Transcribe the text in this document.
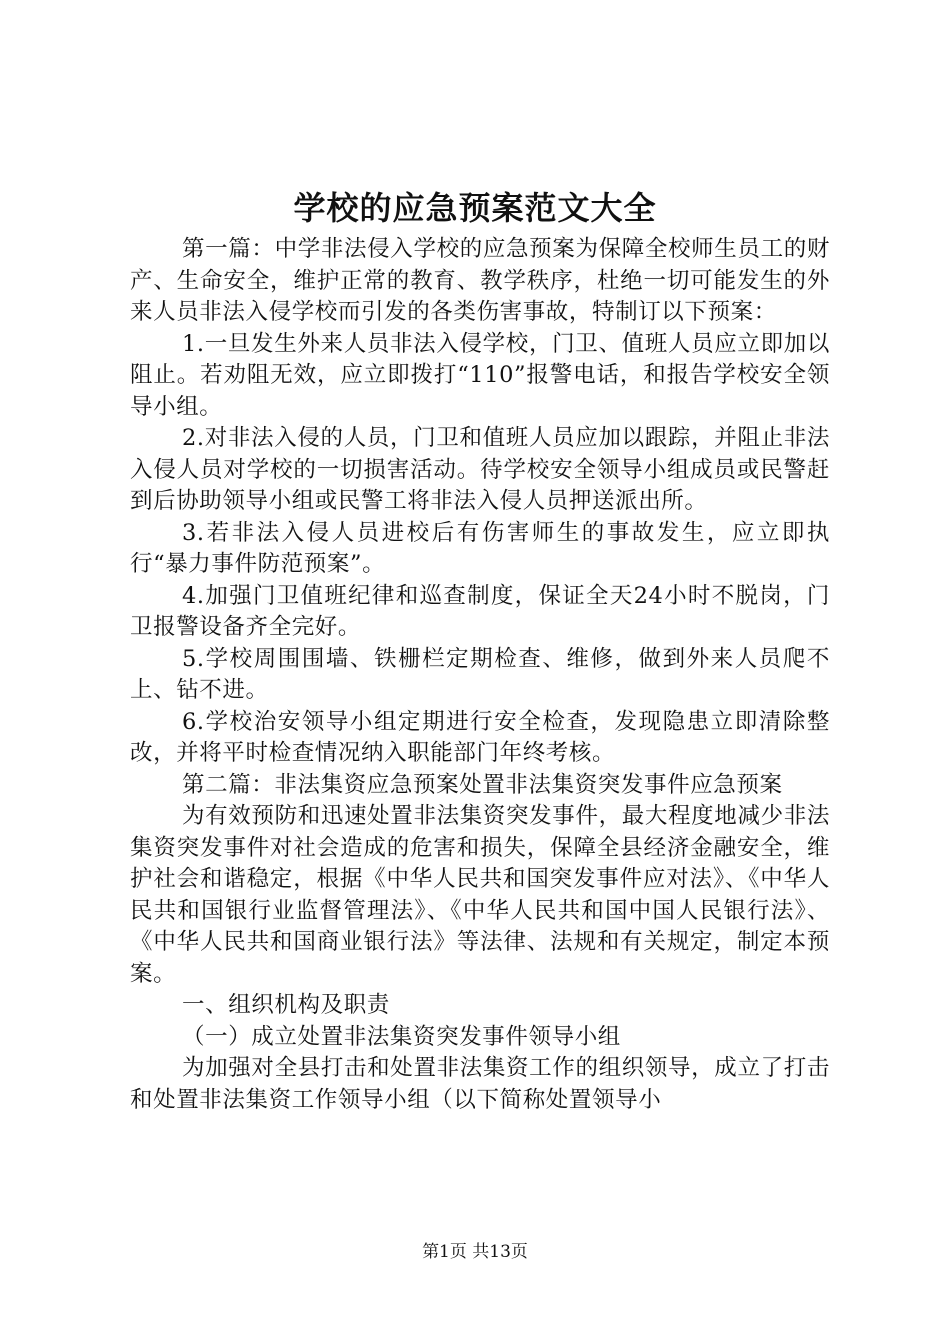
学校的应急预案范文大全

第一篇：中学非法侵入学校的应急预案为保障全校师生员工的财产、生命安全，维护正常的教育、教学秩序，杜绝一切可能发生的外来人员非法入侵学校而引发的各类伤害事故，特制订以下预案：

1.一旦发生外来人员非法入侵学校，门卫、值班人员应立即加以阻止。若劝阻无效，应立即拨打“110”报警电话，和报告学校安全领导小组。

2.对非法入侵的人员，门卫和值班人员应加以跟踪，并阻止非法入侵人员对学校的一切损害活动。待学校安全领导小组成员或民警赶到后协助领导小组或民警工将非法入侵人员押送派出所。

3.若非法入侵人员进校后有伤害师生的事故发生，应立即执行“暴力事件防范预案”。

4.加强门卫值班纪律和巡查制度，保证全天24小时不脱岗，门卫报警设备齐全完好。

5.学校周围围墙、铁栅栏定期检查、维修，做到外来人员爬不上、钻不进。

6.学校治安领导小组定期进行安全检查，发现隐患立即清除整改，并将平时检查情况纳入职能部门年终考核。

第二篇：非法集资应急预案处置非法集资突发事件应急预案

为有效预防和迅速处置非法集资突发事件，最大程度地减少非法集资突发事件对社会造成的危害和损失，保障全县经济金融安全，维护社会和谐稳定，根据《中华人民共和国突发事件应对法》、《中华人民共和国银行业监督管理法》、《中华人民共和国中国人民银行法》、《中华人民共和国商业银行法》等法律、法规和有关规定，制定本预案。

一、组织机构及职责

（一）成立处置非法集资突发事件领导小组

为加强对全县打击和处置非法集资工作的组织领导，成立了打击和处置非法集资工作领导小组（以下简称处置领导小

第1页 共13页
